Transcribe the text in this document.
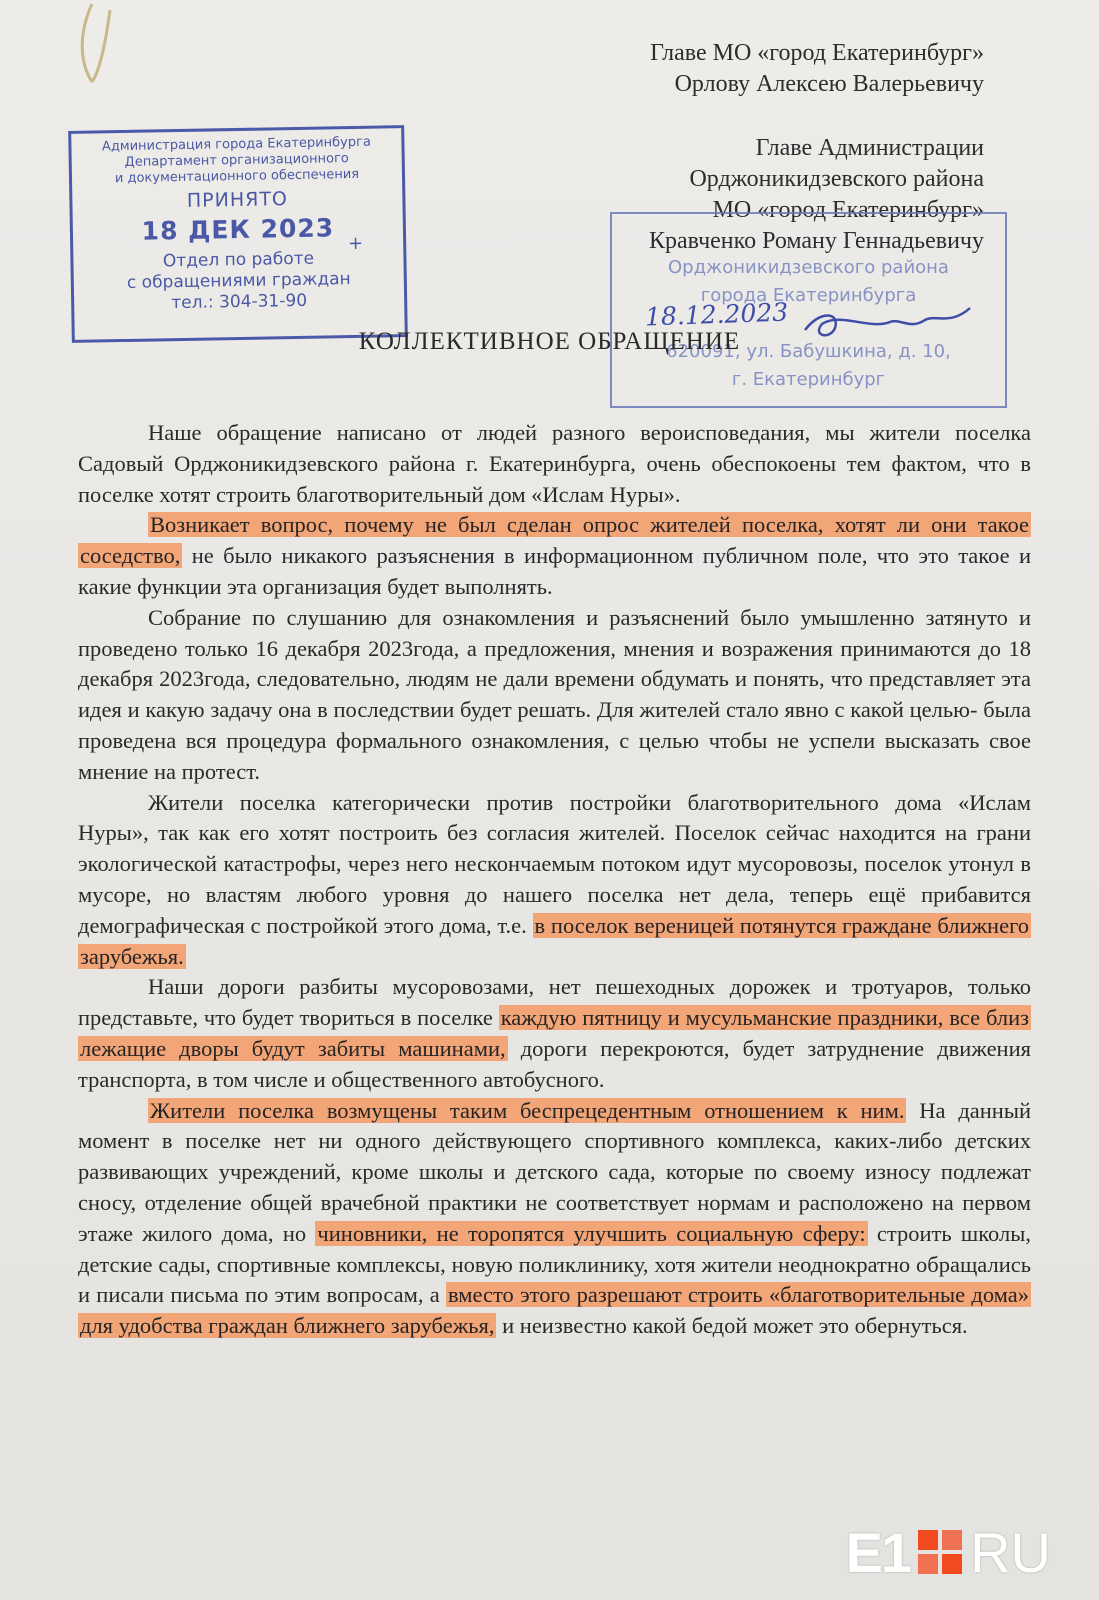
Главе МО «город Екатеринбург»
Орлову Алексею Валерьевичу
Главе Администрации
Орджоникидзевского района
МО «город Екатеринбург»
Кравченко Роману Геннадьевичу
Администрация города Екатеринбурга
Департамент организационного
и документационного обеспечения
ПРИНЯТО
18 ДЕК 2023
Отдел по работе
с обращениями граждан
тел.: 304-31-90
+
Орджоникидзевского района
города Екатеринбурга
620091, ул. Бабушкина, д. 10,
г. Екатеринбург
18.12.2023
КОЛЛЕКТИВНОЕ ОБРАЩЕНИЕ

Наше обращение написано от людей разного вероисповедания, мы жители поселка Садовый Орджоникидзевского района г. Екатеринбурга, очень обеспокоены тем фактом, что в поселке хотят строить благотворительный дом «Ислам Нуры».

Возникает вопрос, почему не был сделан опрос жителей поселка, хотят ли они такое соседство, не было никакого разъяснения в информационном публичном поле, что это такое и какие функции эта организация будет выполнять.

Собрание по слушанию для ознакомления и разъяснений было умышленно затянуто и проведено только 16 декабря 2023года, а предложения, мнения и возражения принимаются до 18 декабря 2023года, следовательно, людям не дали времени обдумать и понять, что представляет эта идея и какую задачу она в последствии будет решать. Для жителей стало явно с какой целью- была проведена вся процедура формального ознакомления, с целью чтобы не успели высказать свое мнение на протест.

Жители поселка категорически против постройки благотворительного дома «Ислам Нуры», так как его хотят построить без согласия жителей. Поселок сейчас находится на грани экологической катастрофы, через него нескончаемым потоком идут мусоровозы, поселок утонул в мусоре, но властям любого уровня до нашего поселка нет дела, теперь ещё прибавится демографическая с постройкой этого дома, т.е. в поселок вереницей потянутся граждане ближнего зарубежья.

Наши дороги разбиты мусоровозами, нет пешеходных дорожек и тротуаров, только представьте, что будет твориться в поселке каждую пятницу и мусульманские праздники, все близ лежащие дворы будут забиты машинами, дороги перекроются, будет затруднение движения транспорта, в том числе и общественного автобусного.

Жители поселка возмущены таким беспрецедентным отношением к ним. На данный момент в поселке нет ни одного действующего спортивного комплекса, каких-либо детских развивающих учреждений, кроме школы и детского сада, которые по своему износу подлежат сносу, отделение общей врачебной практики не соответствует нормам и расположено на первом этаже жилого дома, но чиновники, не торопятся улучшить социальную сферу: строить школы, детские сады, спортивные комплексы, новую поликлинику, хотя жители неоднократно обращались и писали письма по этим вопросам, а вместо этого разрешают строить «благотворительные дома» для удобства граждан ближнего зарубежья, и неизвестно какой бедой может это обернуться.

E1 RU
